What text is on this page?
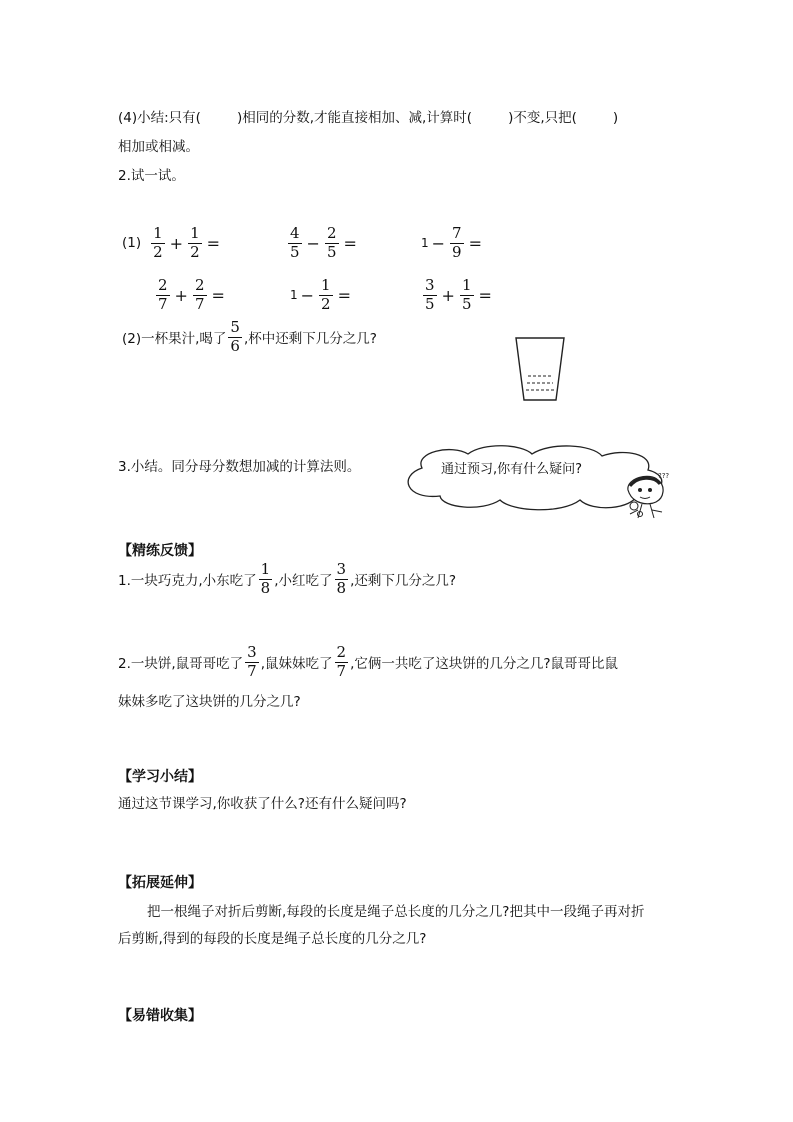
(4)小结:只有(	)相同的分数,才能直接相加、减,计算时(	)不变,只把(	)
相加或相减。
2.试一试。
$(1) \frac{1}{2} + \frac{1}{2}$ =	$\frac{4}{5} - \frac{2}{5}$ =	$1 - \frac{7}{9}$ =
$\frac{2}{7} + \frac{2}{7}$ =	$1 - \frac{1}{2}$ =	$\frac{3}{5} + \frac{1}{5}$ =
(2)一杯果汁,喝了 $\frac{5}{6}$ ,杯中还剩下几分之几?
3.小结。同分母分数想加减的计算法则。	通过预习,你有什么疑问?	???
【精练反馈】
1.一块巧克力,小东吃了 $\frac{1}{8}$ ,小红吃了 $\frac{3}{8}$ ,还剩下几分之几?
2.一块饼,鼠哥哥吃了 $\frac{3}{7}$ ,鼠妹妹吃了 $\frac{2}{7}$ ,它俩一共吃了这块饼的几分之几?鼠哥哥比鼠
妹妹多吃了这块饼的几分之几?
【学习小结】
通过这节课学习,你收获了什么?还有什么疑问吗?
【拓展延伸】
把一根绳子对折后剪断,每段的长度是绳子总长度的几分之几?把其中一段绳子再对折
后剪断,得到的每段的长度是绳子总长度的几分之几?
【易错收集】
